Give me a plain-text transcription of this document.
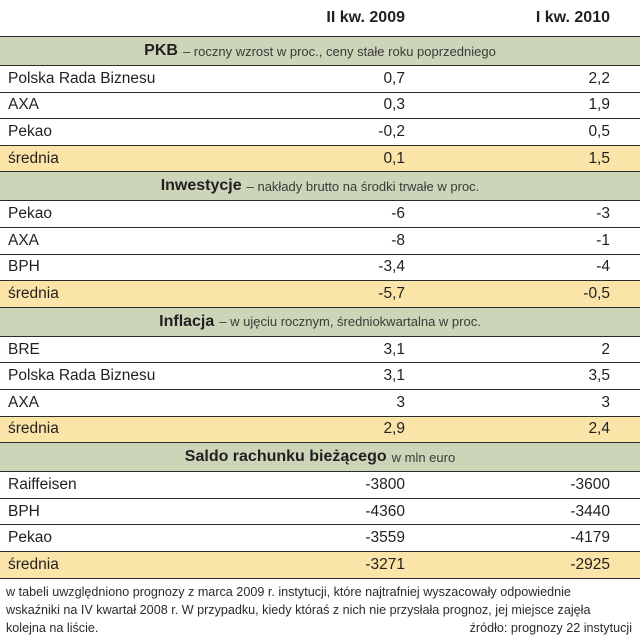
II kw. 2009	I kw. 2010
PKB – roczny wzrost w proc., ceny stałe roku poprzedniego
Polska Rada Biznesu	0,7	2,2
AXA	0,3	1,9
Pekao	-0,2	0,5
średnia	0,1	1,5
Inwestycje – nakłady brutto na środki trwałe w proc.
Pekao	-6	-3
AXA	-8	-1
BPH	-3,4	-4
średnia	-5,7	-0,5
Inflacja – w ujęciu rocznym, średniokwartalna w proc.
BRE	3,1	2
Polska Rada Biznesu	3,1	3,5
AXA	3	3
średnia	2,9	2,4
Saldo rachunku bieżącego w mln euro
Raiffeisen	-3800	-3600
BPH	-4360	-3440
Pekao	-3559	-4179
średnia	-3271	-2925
w tabeli uwzględniono prognozy z marca 2009 r. instytucji, które najtrafniej wyszacowały odpowiednie wskaźniki na IV kwartał 2008 r. W przypadku, kiedy któraś z nich nie przysłała prognoz, jej miejsce zajęła kolejna na liście.	źródło: prognozy 22 instytucji
